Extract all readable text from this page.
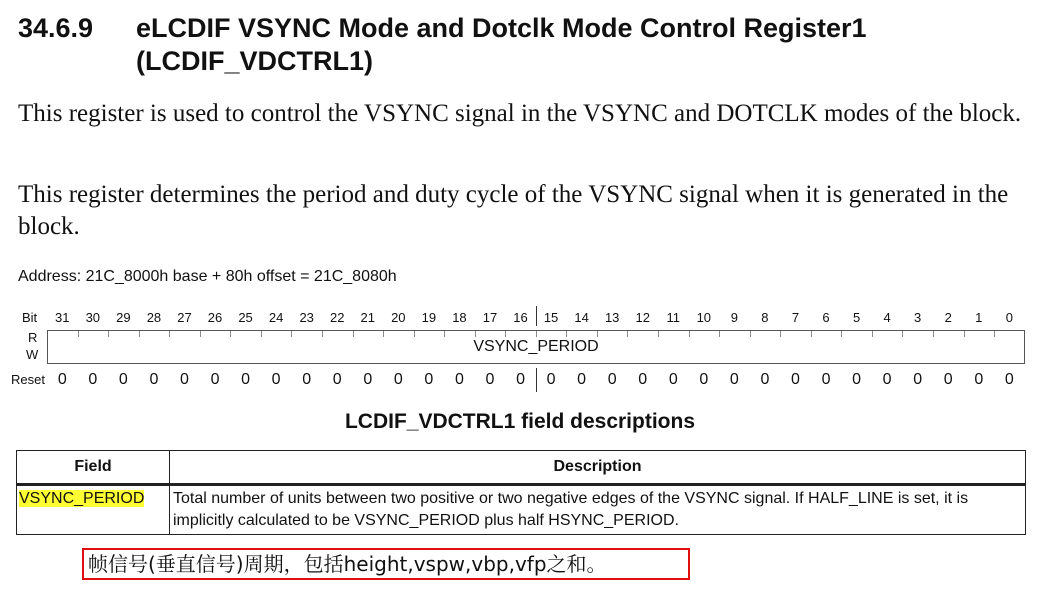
34.6.9	eLCDIF VSYNC Mode and Dotclk Mode Control Register1
(LCDIF_VDCTRL1)
This register is used to control the VSYNC signal in the VSYNC and DOTCLK modes of the block.
This register determines the period and duty cycle of the VSYNC signal when it is generated in the block.
Address: 21C_8000h base + 80h offset = 21C_8080h
Bit	31	30	29	28	27	26	25	24	23	22	21	20	19	18	17	16	15	14	13	12	11	10	9	8	7	6	5	4	3	2	1	0
R
W	VSYNC_PERIOD
Reset 0	0	0	0	0	0	0	0	0	0	0	0	0	0	0	0	0	0	0	0	0	0	0	0	0	0	0	0	0	0	0	0
LCDIF_VDCTRL1 field descriptions
Field	Description
VSYNC_PERIOD	Total number of units between two positive or two negative edges of the VSYNC signal. If HALF_LINE is set, it is implicitly calculated to be VSYNC_PERIOD plus half HSYNC_PERIOD.
帧信号(垂直信号)周期，包括height,vspw,vbp,vfp之和。
